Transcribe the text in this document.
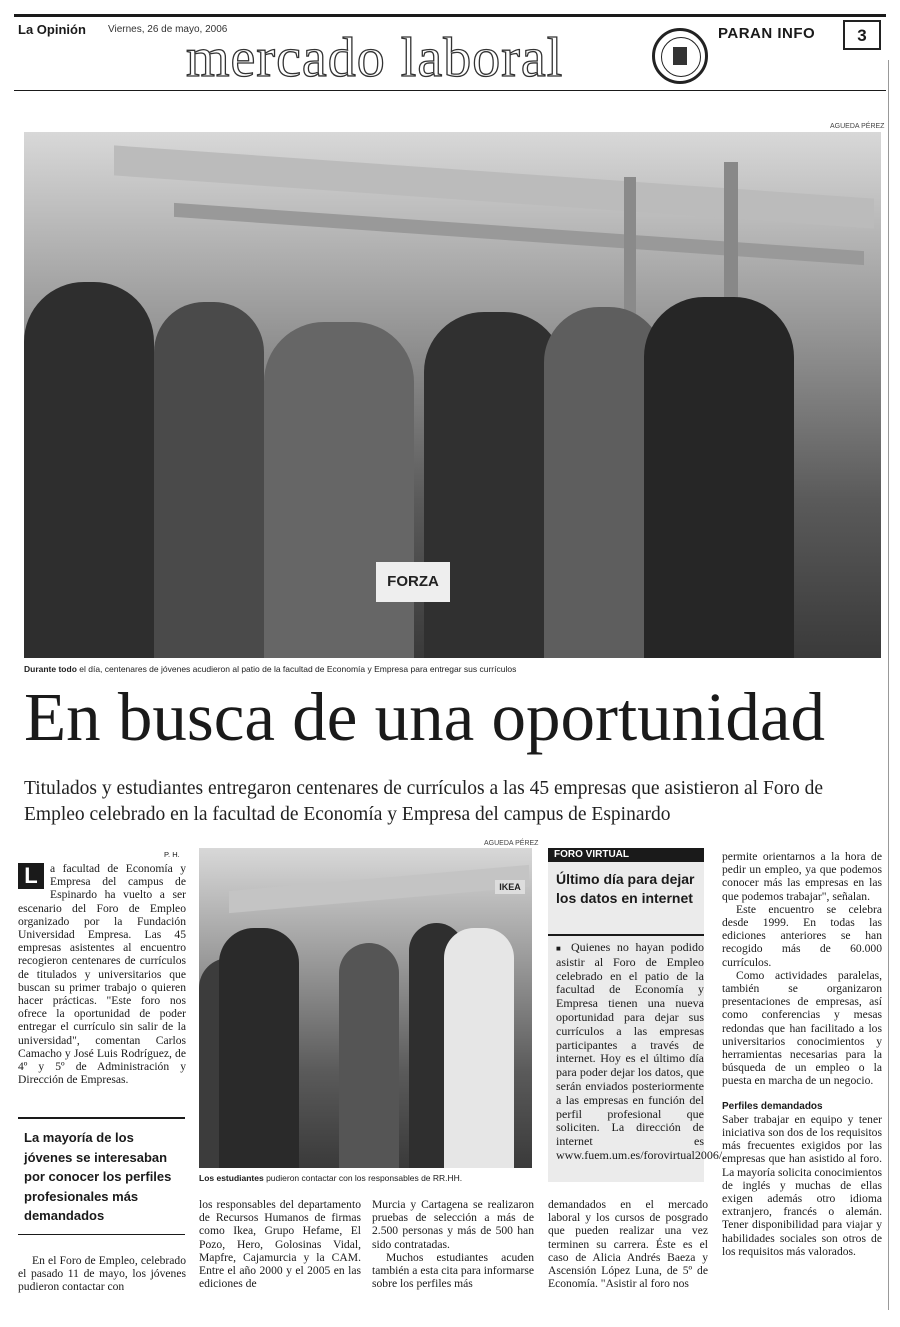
La Opinión Viernes, 26 de mayo, 2006
mercado laboral	PARAN INFO	3
AGUEDA PÉREZ
FORZA
Durante todo el día, centenares de jóvenes acudieron al patio de la facultad de Economía y Empresa para entregar sus currículos
En busca de una oportunidad
Titulados y estudiantes entregaron centenares de currículos a las 45 empresas que asistieron al Foro de Empleo celebrado en la facultad de Economía y Empresa del campus de Espinardo
P. H.
L	a facultad de Economía y Empresa del campus de Espinardo ha vuelto a ser escenario del Foro de Empleo organizado por la Fundación Universidad Empresa. Las 45 empresas asistentes al encuentro recogieron centenares de currículos de titulados y universitarios que buscan su primer trabajo o quieren hacer prácticas. "Este foro nos ofrece la oportunidad de poder entregar el currículo sin salir de la universidad", comentan Carlos Camacho y José Luis Rodríguez, de 4º y 5º de Administración y Dirección de Empresas.

La mayoría de los jóvenes se interesaban por conocer los perfiles profesionales más demandados

En el Foro de Empleo, celebrado el pasado 11 de mayo, los jóvenes pudieron contactar con

AGUEDA PÉREZ
IKEA
Los estudiantes pudieron contactar con los responsables de RR.HH.

los responsables del departamento de Recursos Humanos de firmas como Ikea, Grupo Hefame, El Pozo, Hero, Golosinas Vidal, Mapfre, Cajamurcia y la CAM. Entre el año 2000 y el 2005 en las ediciones de

Murcia y Cartagena se realizaron pruebas de selección a más de 2.500 personas y más de 500 han sido contratadas.

Muchos estudiantes acuden también a esta cita para informarse sobre los perfiles más

FORO VIRTUAL
Último día para dejar los datos en internet

■ Quienes no hayan podido asistir al Foro de Empleo celebrado en el patio de la facultad de Economía y Empresa tienen una nueva oportunidad para dejar sus currículos a las empresas participantes a través de internet. Hoy es el último día para poder dejar los datos, que serán enviados posteriormente a las empresas en función del perfil profesional que soliciten. La dirección de internet es www.fuem.um.es/forovirtual2006/.

demandados en el mercado laboral y los cursos de posgrado que pueden realizar una vez terminen su carrera. Éste es el caso de Alicia Andrés Baeza y Ascensión López Luna, de 5º de Economía. "Asistir al foro nos

permite orientarnos a la hora de pedir un empleo, ya que podemos conocer más las empresas en las que podemos trabajar", señalan.

Este encuentro se celebra desde 1999. En todas las ediciones anteriores se han recogido más de 60.000 currículos.

Como actividades paralelas, también se organizaron presentaciones de empresas, así como conferencias y mesas redondas que han facilitado a los universitarios conocimientos y herramientas necesarias para la búsqueda de un empleo o la puesta en marcha de un negocio.

Perfiles demandados

Saber trabajar en equipo y tener iniciativa son dos de los requisitos más frecuentes exigidos por las empresas que han asistido al foro. La mayoría solicita conocimientos de inglés y muchas de ellas exigen además otro idioma extranjero, francés o alemán. Tener disponibilidad para viajar y habilidades sociales son otros de los requisitos más valorados.
